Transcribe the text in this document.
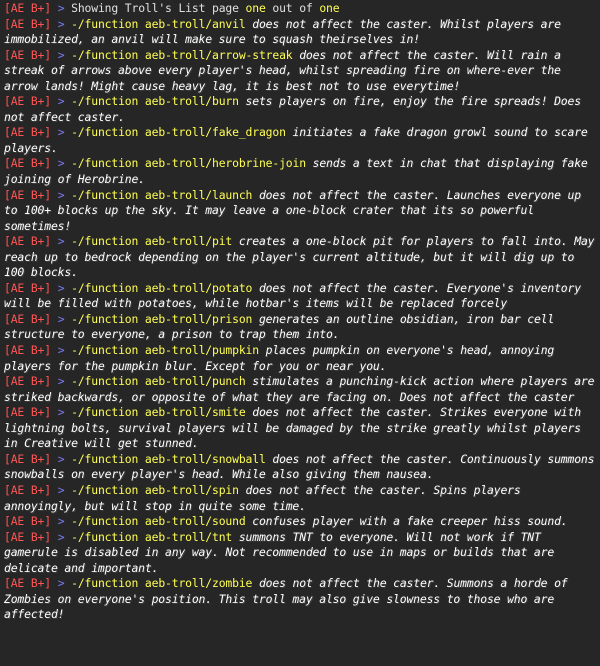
[AE B+] > Showing Troll's List page one out of one
[AE B+] > -/function aeb-troll/anvil does not affect the caster. Whilst players are immobilized, an anvil will make sure to squash theirselves in!
[AE B+] > -/function aeb-troll/arrow-streak does not affect the caster. Will rain a streak of arrows above every player's head, whilst spreading fire on where-ever the arrow lands! Might cause heavy lag, it is best not to use everytime!
[AE B+] > -/function aeb-troll/burn sets players on fire, enjoy the fire spreads! Does not affect caster.
[AE B+] > -/function aeb-troll/fake_dragon initiates a fake dragon growl sound to scare players.
[AE B+] > -/function aeb-troll/herobrine-join sends a text in chat that displaying fake joining of Herobrine.
[AE B+] > -/function aeb-troll/launch does not affect the caster. Launches everyone up to 100+ blocks up the sky. It may leave a one-block crater that its so powerful sometimes!
[AE B+] > -/function aeb-troll/pit creates a one-block pit for players to fall into. May reach up to bedrock depending on the player's current altitude, but it will dig up to 100 blocks.
[AE B+] > -/function aeb-troll/potato does not affect the caster. Everyone's inventory will be filled with potatoes, while hotbar's items will be replaced forcely
[AE B+] > -/function aeb-troll/prison generates an outline obsidian, iron bar cell structure to everyone, a prison to trap them into.
[AE B+] > -/function aeb-troll/pumpkin places pumpkin on everyone's head, annoying players for the pumpkin blur. Except for you or near you.
[AE B+] > -/function aeb-troll/punch stimulates a punching-kick action where players are striked backwards, or opposite of what they are facing on. Does not affect the caster
[AE B+] > -/function aeb-troll/smite does not affect the caster. Strikes everyone with lightning bolts, survival players will be damaged by the strike greatly whilst players in Creative will get stunned.
[AE B+] > -/function aeb-troll/snowball does not affect the caster. Continuously summons snowballs on every player's head. While also giving them nausea.
[AE B+] > -/function aeb-troll/spin does not affect the caster. Spins players annoyingly, but will stop in quite some time.
[AE B+] > -/function aeb-troll/sound confuses player with a fake creeper hiss sound.
[AE B+] > -/function aeb-troll/tnt summons TNT to everyone. Will not work if TNT gamerule is disabled in any way. Not recommended to use in maps or builds that are delicate and important.
[AE B+] > -/function aeb-troll/zombie does not affect the caster. Summons a horde of Zombies on everyone's position. This troll may also give slowness to those who are affected!
